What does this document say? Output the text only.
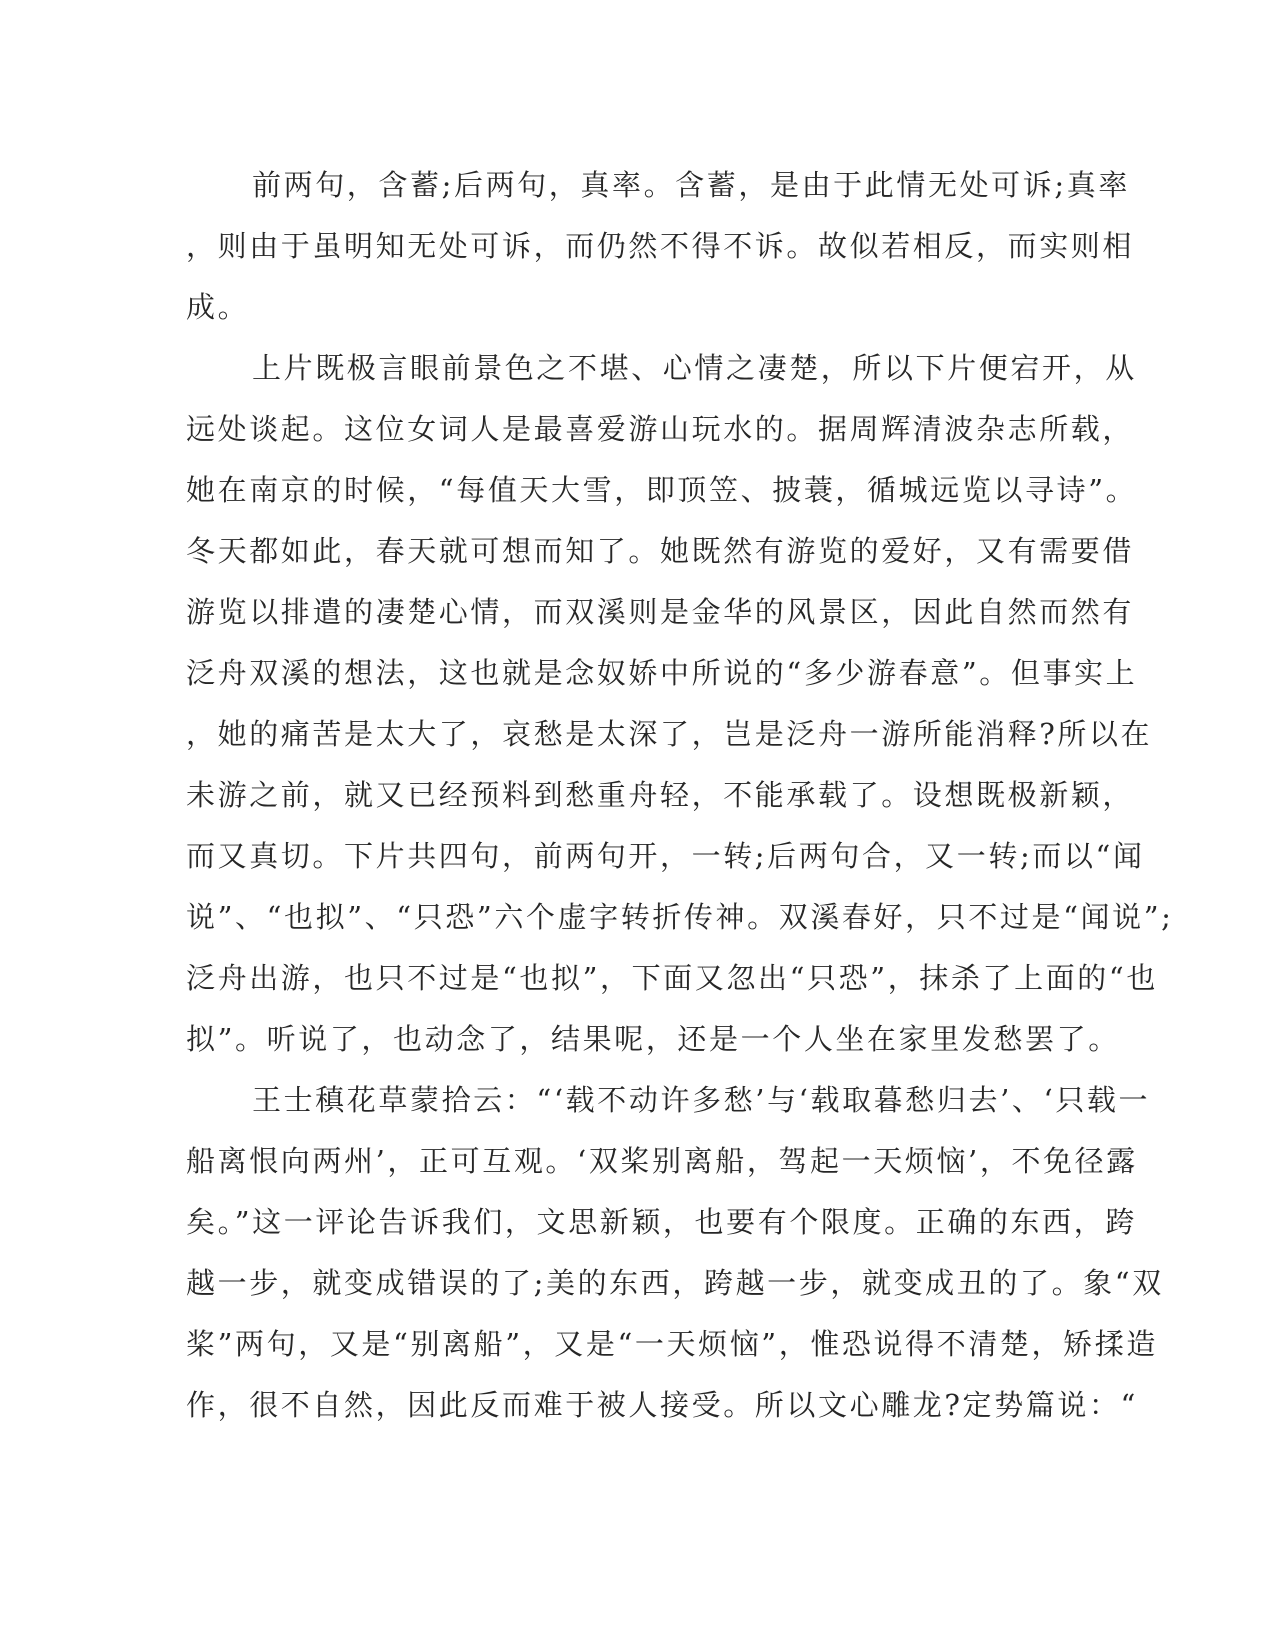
前两句，含蓄;后两句，真率。含蓄，是由于此情无处可诉;真率
，则由于虽明知无处可诉，而仍然不得不诉。故似若相反，而实则相
成。
上片既极言眼前景色之不堪、心情之凄楚，所以下片便宕开，从
远处谈起。这位女词人是最喜爱游山玩水的。据周辉清波杂志所载，
她在南京的时候，“每值天大雪，即顶笠、披蓑，循城远览以寻诗”。
冬天都如此，春天就可想而知了。她既然有游览的爱好，又有需要借
游览以排遣的凄楚心情，而双溪则是金华的风景区，因此自然而然有
泛舟双溪的想法，这也就是念奴娇中所说的“多少游春意”。但事实上
，她的痛苦是太大了，哀愁是太深了，岂是泛舟一游所能消释?所以在
未游之前，就又已经预料到愁重舟轻，不能承载了。设想既极新颖，
而又真切。下片共四句，前两句开，一转;后两句合，又一转;而以“闻
说”、“也拟”、“只恐”六个虚字转折传神。双溪春好，只不过是“闻说”;
泛舟出游，也只不过是“也拟”，下面又忽出“只恐”，抹杀了上面的“也
拟”。听说了，也动念了，结果呢，还是一个人坐在家里发愁罢了。
王士稹花草蒙拾云：“‘载不动许多愁’与‘载取暮愁归去’、‘只载一
船离恨向两州’，正可互观。‘双桨别离船，驾起一天烦恼’，不免径露
矣。”这一评论告诉我们，文思新颖，也要有个限度。正确的东西，跨
越一步，就变成错误的了;美的东西，跨越一步，就变成丑的了。象“双
桨”两句，又是“别离船”，又是“一天烦恼”，惟恐说得不清楚，矫揉造
作，很不自然，因此反而难于被人接受。所以文心雕龙?定势篇说：“
